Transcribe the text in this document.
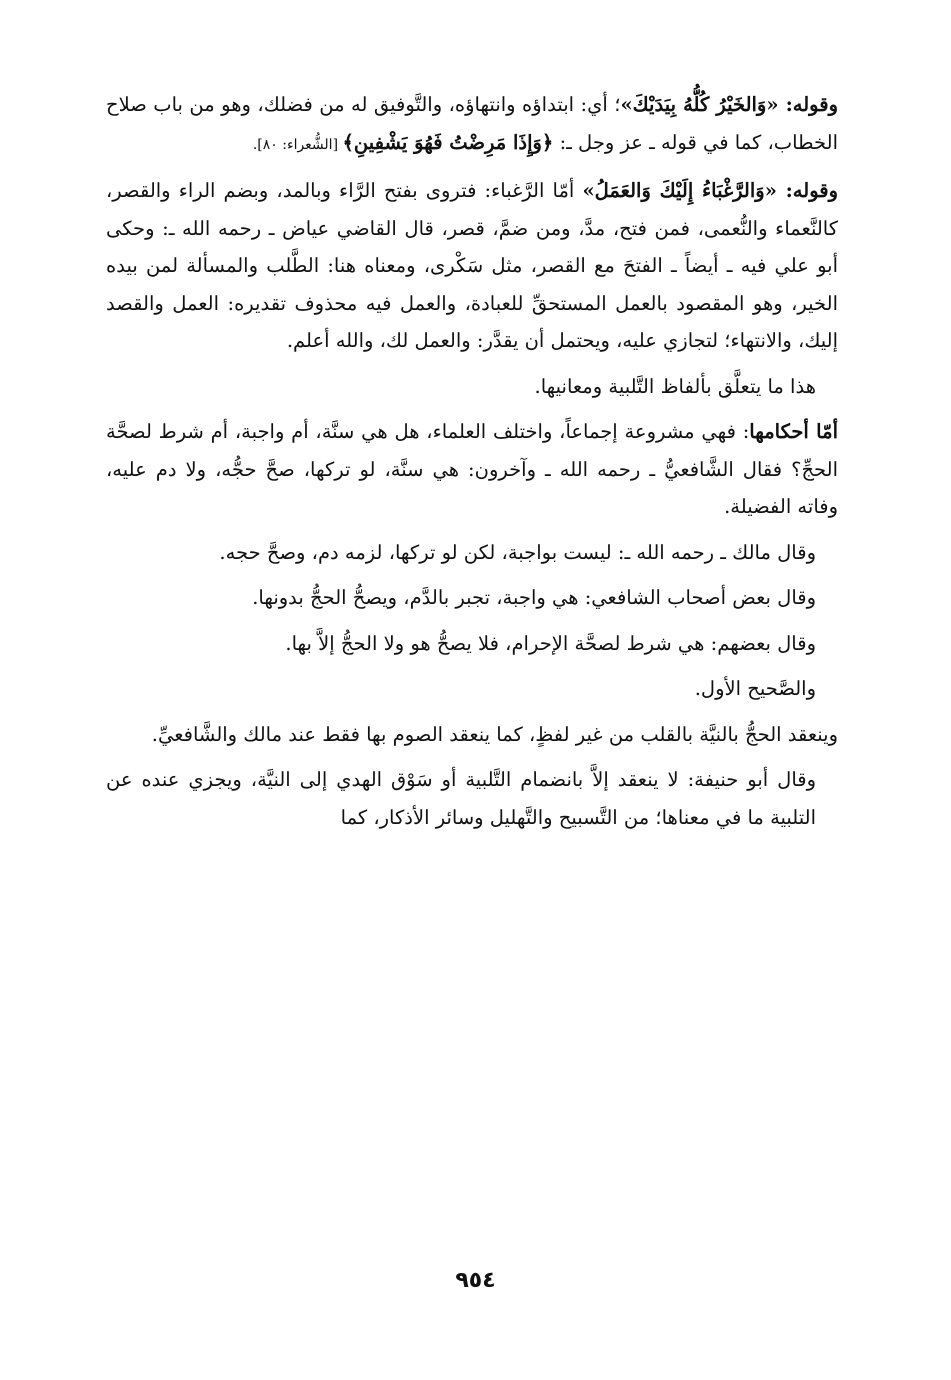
وقوله: «وَالخَيْرُ كُلُّهُ بِيَدَيْكَ»؛ أي: ابتداؤه وانتهاؤه، والتَّوفيق له من فضلك، وهو من باب صلاح الخطاب، كما في قوله ـ عز وجل ـ: ﴿وَإِذَا مَرِضْتُ فَهُوَ يَشْفِينِ﴾ [الشُّعراء: ٨٠].

وقوله: «وَالرَّغْبَاءُ إِلَيْكَ وَالعَمَلُ» أمّا الرَّغباء: فتروى بفتح الرَّاء وبالمد، وبضم الراء والقصر، كالنَّعماء والنُّعمى، فمن فتح، مدَّ، ومن ضمَّ، قصر، قال القاضي عياض ـ رحمه الله ـ: وحكى أبو علي فيه ـ أيضاً ـ الفتحَ مع القصر، مثل سَكْرى، ومعناه هنا: الطَّلب والمسألة لمن بيده الخير، وهو المقصود بالعمل المستحقِّ للعبادة، والعمل فيه محذوف تقديره: العمل والقصد إليك، والانتهاء؛ لتجازي عليه، ويحتمل أن يقدَّر: والعمل لك، والله أعلم.

هذا ما يتعلَّق بألفاظ التَّلبية ومعانيها.

أمّا أحكامها: فهي مشروعة إجماعاً، واختلف العلماء، هل هي سنَّة، أم واجبة، أم شرط لصحَّة الحجِّ؟ فقال الشَّافعيُّ ـ رحمه الله ـ وآخرون: هي سنَّة، لو تركها، صحَّ حجُّه، ولا دم عليه، وفاته الفضيلة.

وقال مالك ـ رحمه الله ـ: ليست بواجبة، لكن لو تركها، لزمه دم، وصحَّ حجه.

وقال بعض أصحاب الشافعي: هي واجبة، تجبر بالدَّم، ويصحُّ الحجُّ بدونها.

وقال بعضهم: هي شرط لصحَّة الإحرام، فلا يصحُّ هو ولا الحجُّ إلاَّ بها.

والصَّحيح الأول.

وينعقد الحجُّ بالنيَّة بالقلب من غير لفظٍ، كما ينعقد الصوم بها فقط عند مالك والشَّافعيِّ.

وقال أبو حنيفة: لا ينعقد إلاَّ بانضمام التَّلبية أو سَوْق الهدي إلى النيَّة، ويجزي عنده عن التلبية ما في معناها؛ من التَّسبيح والتَّهليل وسائر الأذكار، كما

٩٥٤
